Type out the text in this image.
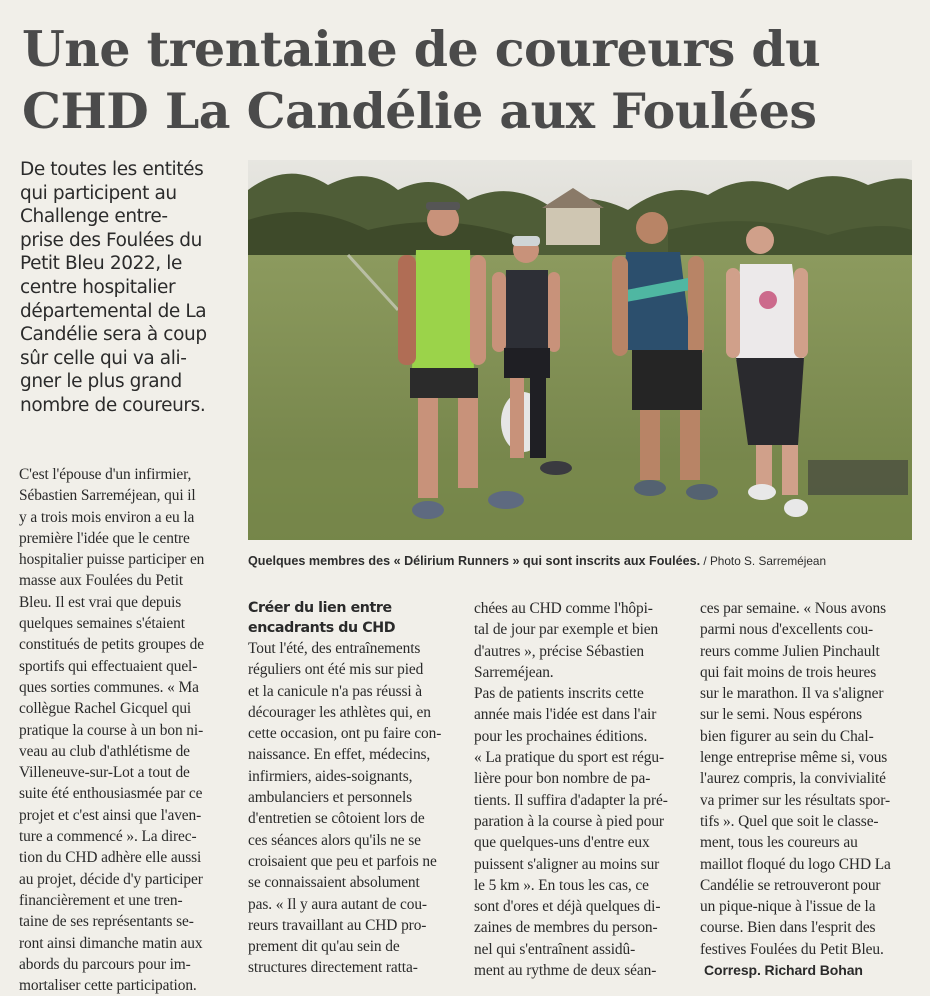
Une trentaine de coureurs du
CHD La Candélie aux Foulées
De toutes les entités
qui participent au
Challenge entre-
prise des Foulées du
Petit Bleu 2022, le
centre hospitalier
départemental de La
Candélie sera à coup
sûr celle qui va ali-
gner le plus grand
nombre de coureurs.
Quelques membres des « Délirium Runners » qui sont inscrits aux Foulées. / Photo S. Sarreméjean
C'est l'épouse d'un infirmier,
Sébastien Sarreméjean, qui il
y a trois mois environ a eu la
première l'idée que le centre
hospitalier puisse participer en
masse aux Foulées du Petit
Bleu. Il est vrai que depuis
quelques semaines s'étaient
constitués de petits groupes de
sportifs qui effectuaient quel-
ques sorties communes. « Ma
collègue Rachel Gicquel qui
pratique la course à un bon ni-
veau au club d'athlétisme de
Villeneuve-sur-Lot a tout de
suite été enthousiasmée par ce
projet et c'est ainsi que l'aven-
ture a commencé ». La direc-
tion du CHD adhère elle aussi
au projet, décide d'y participer
financièrement et une tren-
taine de ses représentants se-
ront ainsi dimanche matin aux
abords du parcours pour im-
mortaliser cette participation.
Créer du lien entre
encadrants du CHD
Tout l'été, des entraînements
réguliers ont été mis sur pied
et la canicule n'a pas réussi à
décourager les athlètes qui, en
cette occasion, ont pu faire con-
naissance. En effet, médecins,
infirmiers, aides-soignants,
ambulanciers et personnels
d'entretien se côtoient lors de
ces séances alors qu'ils ne se
croisaient que peu et parfois ne
se connaissaient absolument
pas. « Il y aura autant de cou-
reurs travaillant au CHD pro-
prement dit qu'au sein de
structures directement ratta-
chées au CHD comme l'hôpi-
tal de jour par exemple et bien
d'autres », précise Sébastien
Sarreméjean.
Pas de patients inscrits cette
année mais l'idée est dans l'air
pour les prochaines éditions.
« La pratique du sport est régu-
lière pour bon nombre de pa-
tients. Il suffira d'adapter la pré-
paration à la course à pied pour
que quelques-uns d'entre eux
puissent s'aligner au moins sur
le 5 km ». En tous les cas, ce
sont d'ores et déjà quelques di-
zaines de membres du person-
nel qui s'entraînent assidû-
ment au rythme de deux séan-
ces par semaine. « Nous avons
parmi nous d'excellents cou-
reurs comme Julien Pinchault
qui fait moins de trois heures
sur le marathon. Il va s'aligner
sur le semi. Nous espérons
bien figurer au sein du Chal-
lenge entreprise même si, vous
l'aurez compris, la convivialité
va primer sur les résultats spor-
tifs ». Quel que soit le classe-
ment, tous les coureurs au
maillot floqué du logo CHD La
Candélie se retrouveront pour
un pique-nique à l'issue de la
course. Bien dans l'esprit des
festives Foulées du Petit Bleu.
Corresp. Richard Bohan
